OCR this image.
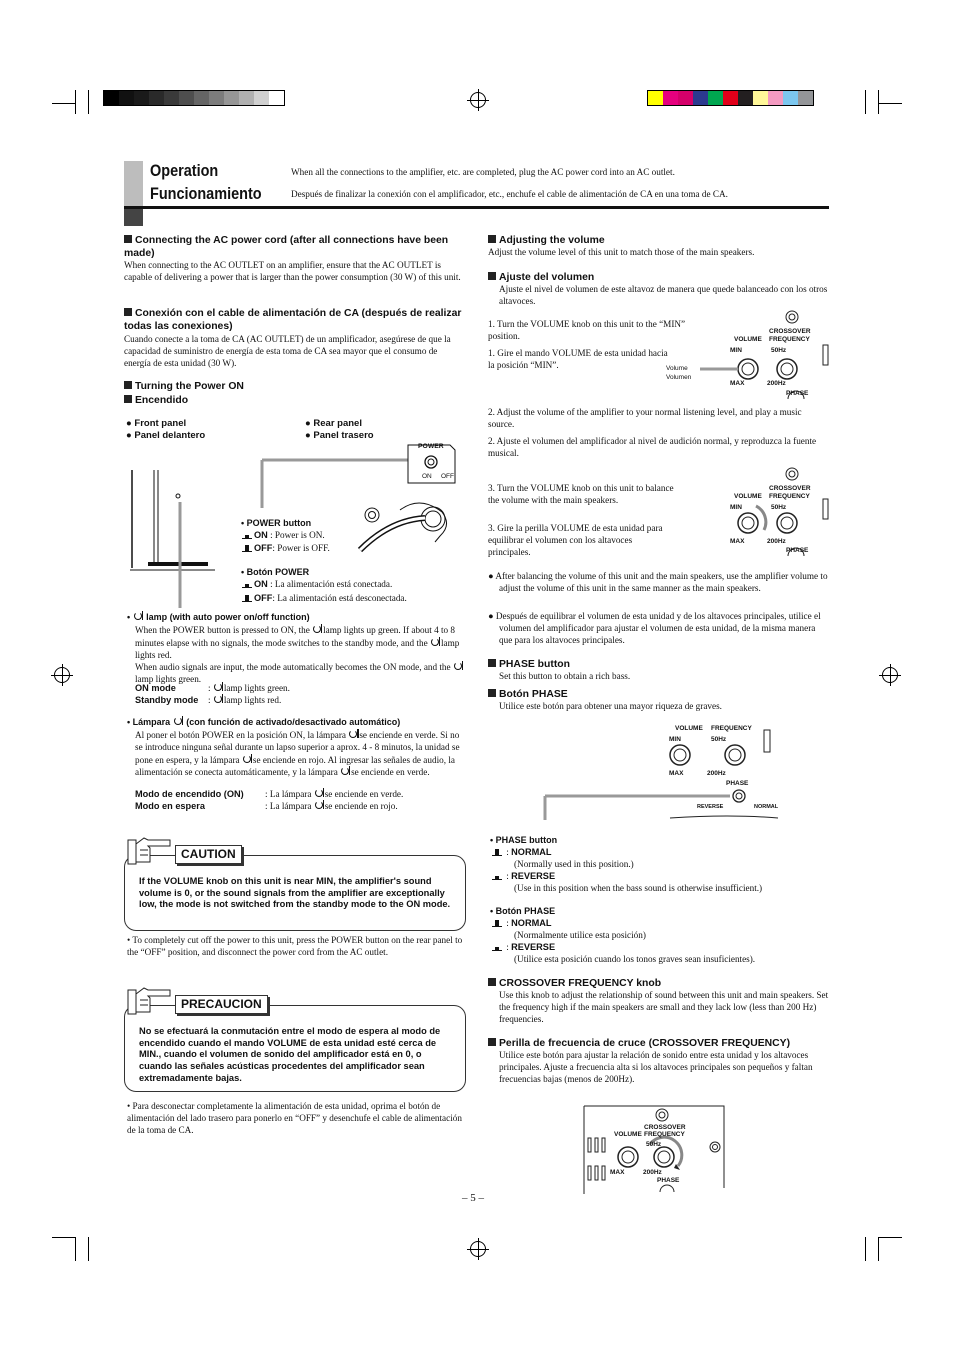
Operation
Funcionamiento
When all the connections to the amplifier, etc. are completed, plug the AC power cord into an AC outlet.
Después de finalizar la conexión con el amplificador, etc., enchufe el cable de alimentación de CA en una toma de CA.
Connecting the AC power cord (after all connections have been made)
When connecting to the AC OUTLET on an amplifier, ensure that the AC OUTLET is capable of delivering a power that is larger than the power consumption (30 W) of this unit.
Conexión con el cable de alimentación de CA (después de realizar todas las conexiones)
Cuando conecte a la toma de CA (AC OUTLET) de un amplificador, asegúrese de que la capacidad de suministro de energía de esta toma de CA sea mayor que el consumo de energía de esta unidad (30 W).
Turning the Power ON
Encendido
● Front panel
● Panel delantero
● Rear panel
● Panel trasero
POWER
ON OFF
• POWER button
ON : Power is ON.
OFF: Power is OFF.
• Botón POWER
ON : La alimentación está conectada.
OFF: La alimentación está desconectada.
•  lamp (with auto power on/off function)
When the POWER button is pressed to ON, the lamp lights up green. If about 4 to 8 minutes elapse with no signals, the mode switches to the standby mode, and the lamp lights red.
When audio signals are input, the mode automatically becomes the ON mode, and the lamp lights green.
ON mode	: lamp lights green.
Standby mode : lamp lights red.
• Lámpara (con función de activado/desactivado automático)
Al poner el botón POWER en la posición ON, la lámpara se enciende en verde. Si no se introduce ninguna señal durante un lapso superior a aprox. 4 - 8 minutos, la unidad se pone en espera, y la lámpara se enciende en rojo. Al ingresar las señales de audio, la alimentación se conecta automáticamente, y la lámpara se enciende en verde.
Modo de encendido (ON) : La lámpara se enciende en verde.
Modo en espera	: La lámpara se enciende en rojo.
CAUTION
If the VOLUME knob on this unit is near MIN, the amplifier's sound volume is 0, or the sound signals from the amplifier are exceptionally low, the mode is not switched from the standby mode to the ON mode.
• To completely cut off the power to this unit, press the POWER button on the rear panel to the “OFF” position, and disconnect the power cord from the AC outlet.
PRECAUCION
No se efectuará la conmutación entre el modo de espera al modo de encendido cuando el mando VOLUME de esta unidad esté cerca de MIN., cuando el volumen de sonido del amplificador está en 0, o cuando las señales acústicas procedentes del amplificador sean extremadamente bajas.
• Para desconectar completamente la alimentación de esta unidad, oprima el botón de alimentación del lado trasero para ponerlo en “OFF” y desenchufe el cable de alimentación de la toma de CA.
Adjusting the volume
Adjust the volume level of this unit to match those of the main speakers.
Ajuste del volumen
Ajuste el nivel de volumen de este altavoz de manera que quede balanceado con los otros altavoces.
1. Turn the VOLUME knob on this unit to the “MIN” position.
1. Gire el mando VOLUME de esta unidad hacia la posición “MIN”.
CROSSOVER
FREQUENCY
VOLUME
MIN	50Hz
MAX	200Hz
PHASE
Volume
Volumen
2. Adjust the volume of the amplifier to your normal listening level, and play a music source.
2. Ajuste el volumen del amplificador al nivel de audición normal, y reproduzca la fuente musical.
3. Turn the VOLUME knob on this unit to balance the volume with the main speakers.
3. Gire la perilla VOLUME de esta unidad para equilibrar el volumen con los altavoces principales.
CROSSOVER
FREQUENCY
VOLUME
MIN	50Hz
MAX	200Hz
PHASE
● After balancing the volume of this unit and the main speakers, use the amplifier volume to adjust the volume of this unit in the same manner as the main speakers.
● Después de equilibrar el volumen de esta unidad y de los altavoces principales, utilice el volumen del amplificador para ajustar el volumen de esta unidad, de la misma manera que para los altavoces principales.
PHASE button
Set this button to obtain a rich bass.
Botón PHASE
Utilice este botón para obtener una mayor riqueza de graves.
VOLUME FREQUENCY
MIN	50Hz
MAX	200Hz
PHASE
REVERSE	NORMAL
• PHASE button
: NORMAL
(Normally used in this position.)
: REVERSE
(Use in this position when the bass sound is otherwise insufficient.)
• Botón PHASE
: NORMAL
(Normalmente utilice esta posición)
: REVERSE
(Utilice esta posición cuando los tonos graves sean insuficientes).
CROSSOVER FREQUENCY knob
Use this knob to adjust the relationship of sound between this unit and main speakers. Set the frequency high if the main speakers are small and they lack low (less than 200 Hz) frequencies.
Perilla de frecuencia de cruce (CROSSOVER FREQUENCY)
Utilice este botón para ajustar la relación de sonido entre esta unidad y los altavoces principales. Ajuste a frecuencia alta si los altavoces principales son pequeños y faltan frecuencias bajas (menos de 200Hz).
CROSSOVER
VOLUME FREQUENCY
50Hz
MAX	200Hz
PHASE
– 5 –
